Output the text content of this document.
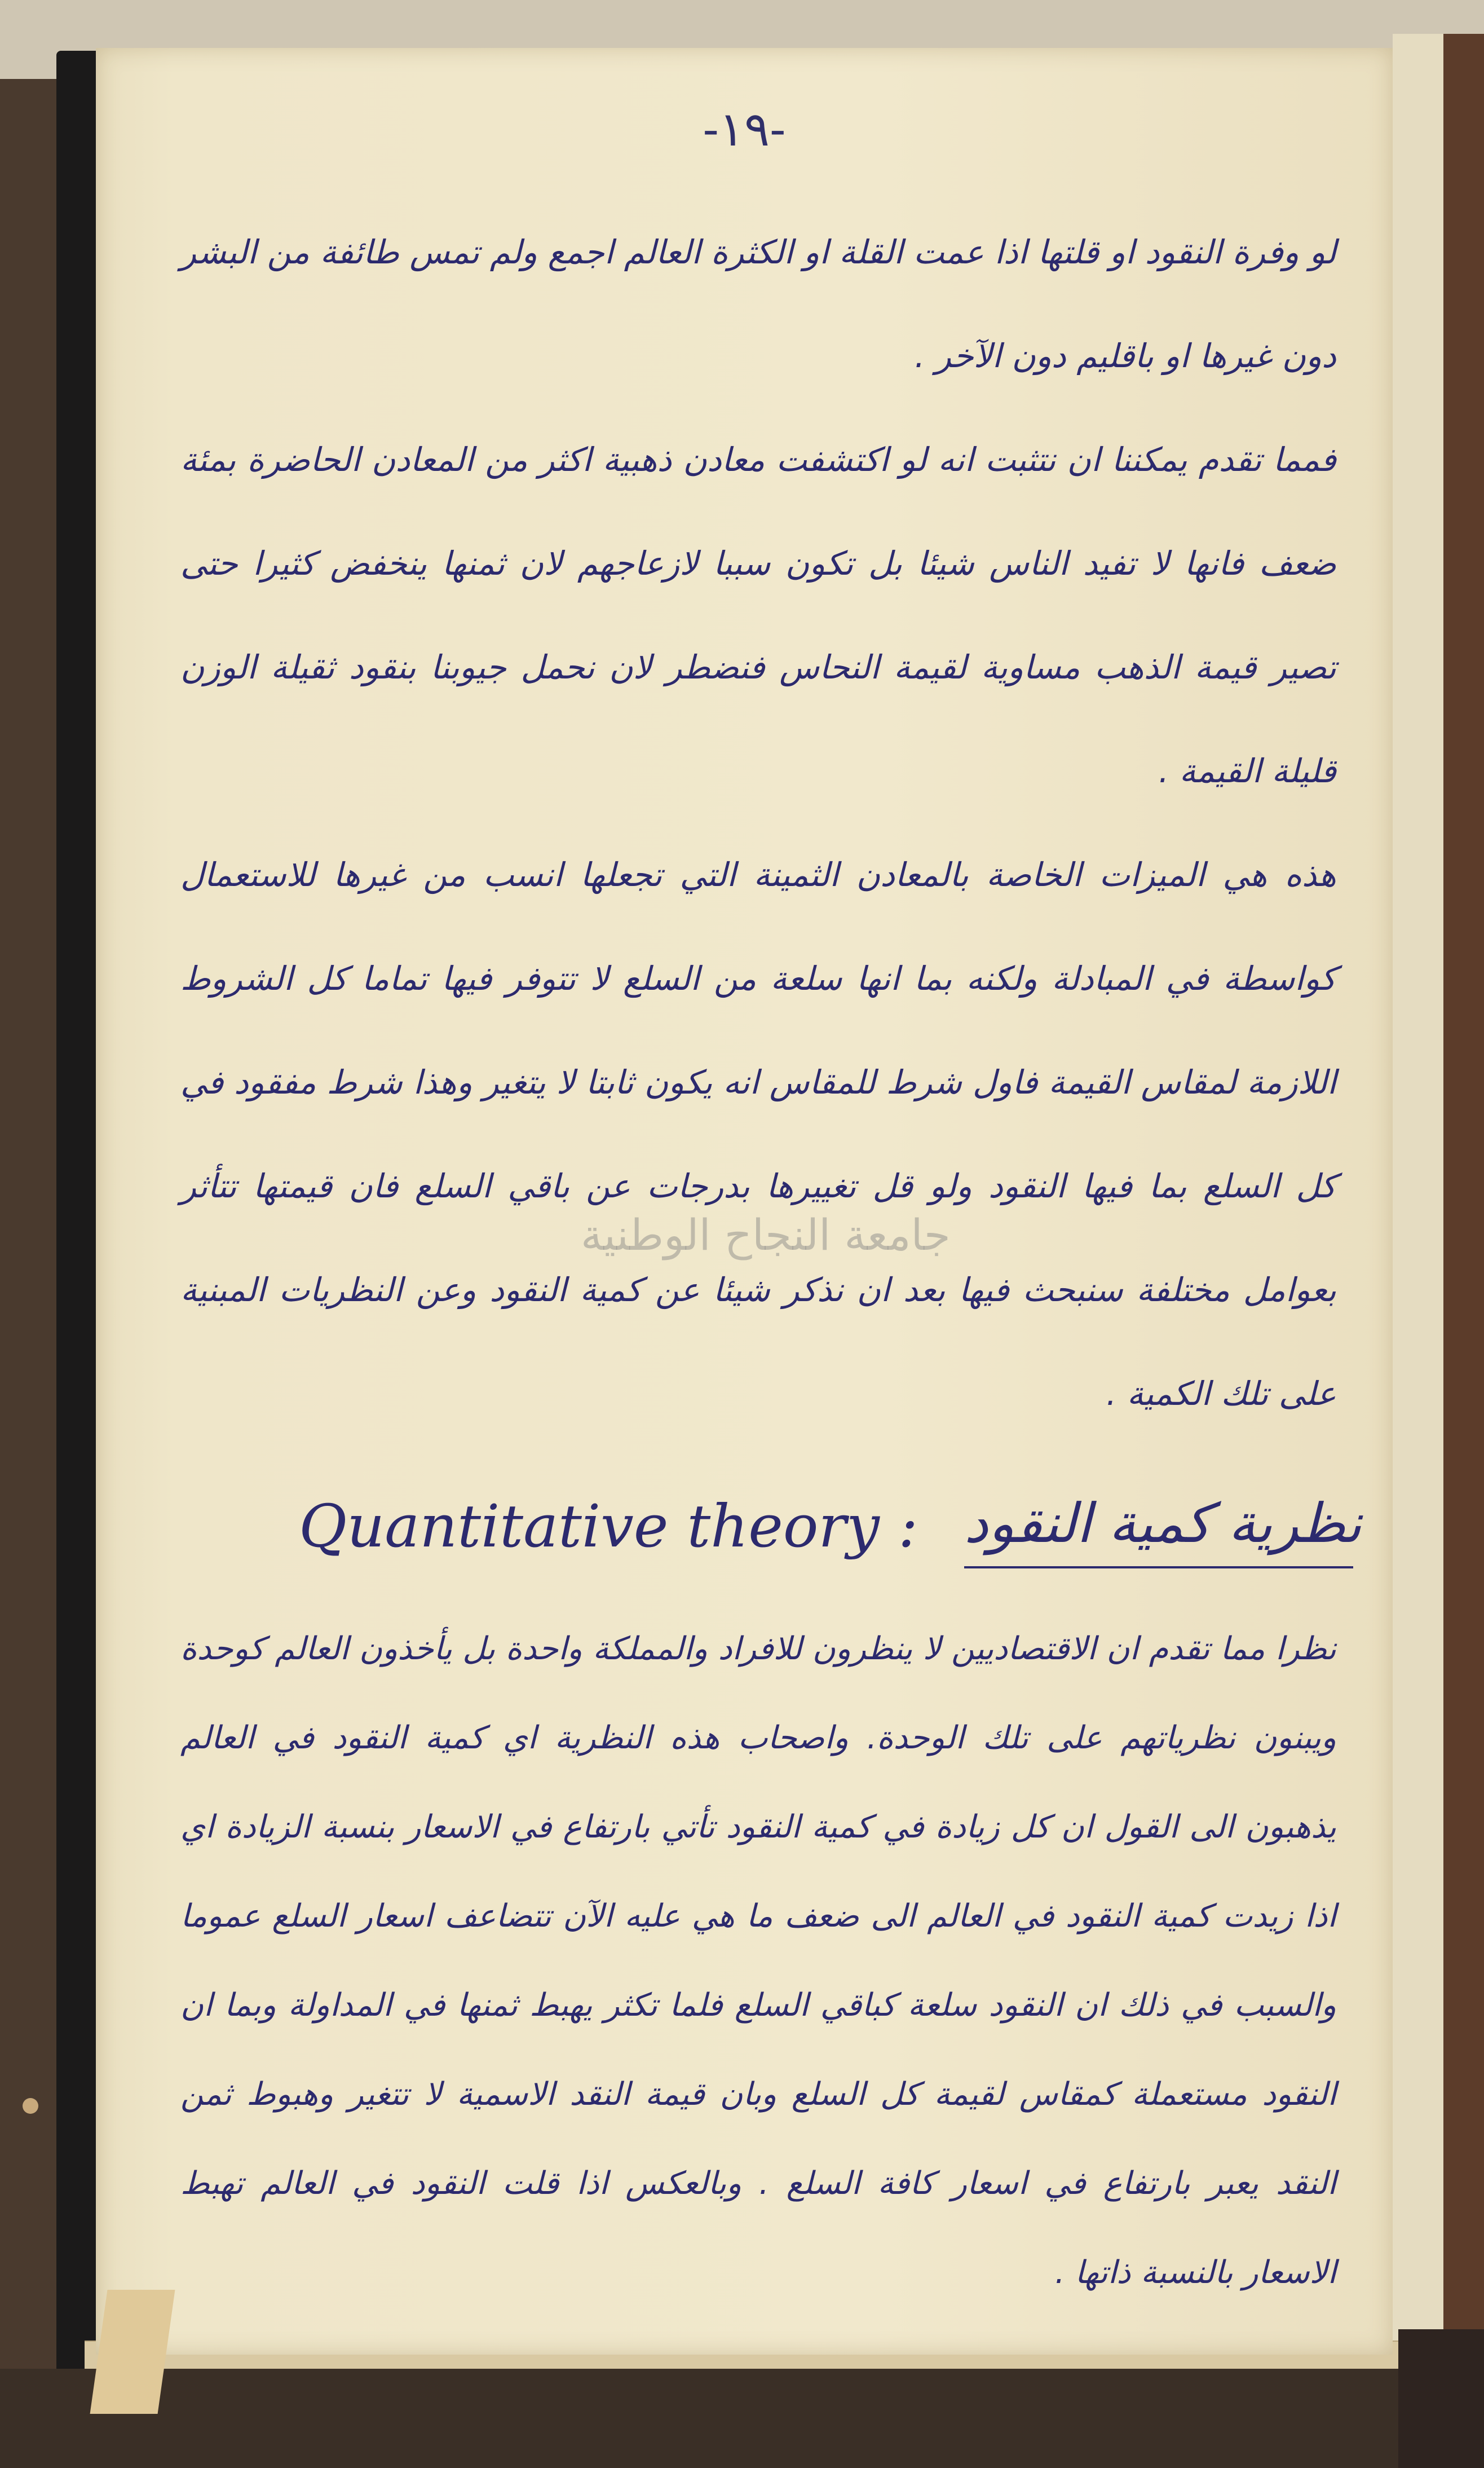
-١٩-

لو وفرة النقود او قلتها اذا عمت القلة او الكثرة العالم اجمع ولم تمس طائفة من البشر دون غيرها او باقليم دون الآخر .

فمما تقدم يمكننا ان نتثبت انه لو اكتشفت معادن ذهبية اكثر من المعادن الحاضرة بمئة ضعف فانها لا تفيد الناس شيئا بل تكون سببا لازعاجهم لان ثمنها ينخفض كثيرا حتى تصير قيمة الذهب مساوية لقيمة النحاس فنضطر لان نحمل جيوبنا بنقود ثقيلة الوزن قليلة القيمة .

هذه هي الميزات الخاصة بالمعادن الثمينة التي تجعلها انسب من غيرها للاستعمال كواسطة في المبادلة ولكنه بما انها سلعة من السلع لا تتوفر فيها تماما كل الشروط اللازمة لمقاس القيمة فاول شرط للمقاس انه يكون ثابتا لا يتغير وهذا شرط مفقود في كل السلع بما فيها النقود ولو قل تغييرها بدرجات عن باقي السلع فان قيمتها تتأثر بعوامل مختلفة سنبحث فيها بعد ان نذكر شيئا عن كمية النقود وعن النظريات المبنية على تلك الكمية .

جامعة النجاح الوطنية
Quantitative theory : نظرية كمية النقود

نظرا مما تقدم ان الاقتصاديين لا ينظرون للافراد والمملكة واحدة بل يأخذون العالم كوحدة ويبنون نظرياتهم على تلك الوحدة. واصحاب هذه النظرية اي كمية النقود في العالم يذهبون الى القول ان كل زيادة في كمية النقود تأتي بارتفاع في الاسعار بنسبة الزيادة اي اذا زيدت كمية النقود في العالم الى ضعف ما هي عليه الآن تتضاعف اسعار السلع عموما والسبب في ذلك ان النقود سلعة كباقي السلع فلما تكثر يهبط ثمنها في المداولة وبما ان النقود مستعملة كمقاس لقيمة كل السلع وبان قيمة النقد الاسمية لا تتغير وهبوط ثمن النقد يعبر بارتفاع في اسعار كافة السلع . وبالعكس اذا قلت النقود في العالم تهبط الاسعار بالنسبة ذاتها .
